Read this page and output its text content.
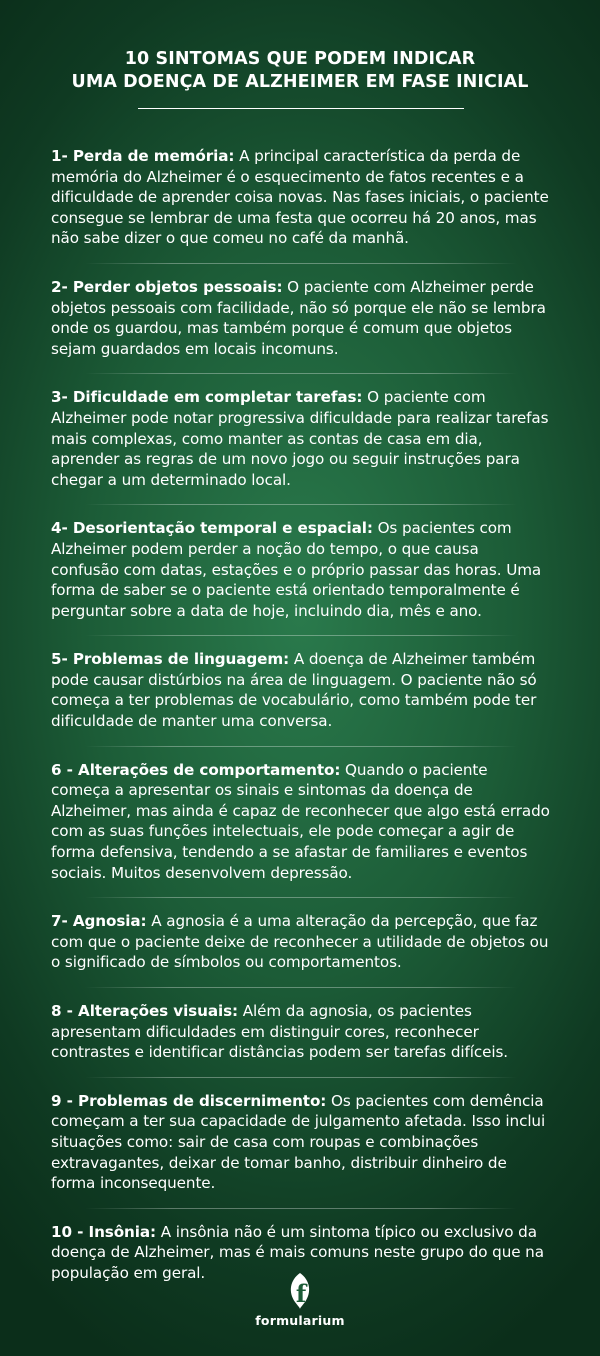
10 SINTOMAS QUE PODEM INDICAR
UMA DOENÇA DE ALZHEIMER EM FASE INICIAL
1- Perda de memória: A principal característica da perda de memória do Alzheimer é o esquecimento de fatos recentes e a dificuldade de aprender coisa novas. Nas fases iniciais, o paciente consegue se lembrar de uma festa que ocorreu há 20 anos, mas não sabe dizer o que comeu no café da manhã.
2- Perder objetos pessoais: O paciente com Alzheimer perde objetos pessoais com facilidade, não só porque ele não se lembra onde os guardou, mas também porque é comum que objetos sejam guardados em locais incomuns.
3- Dificuldade em completar tarefas: O paciente com Alzheimer pode notar progressiva dificuldade para realizar tarefas mais complexas, como manter as contas de casa em dia, aprender as regras de um novo jogo ou seguir instruções para chegar a um determinado local.
4- Desorientação temporal e espacial: Os pacientes com Alzheimer podem perder a noção do tempo, o que causa confusão com datas, estações e o próprio passar das horas. Uma forma de saber se o paciente está orientado temporalmente é perguntar sobre a data de hoje, incluindo dia, mês e ano.
5- Problemas de linguagem: A doença de Alzheimer também pode causar distúrbios na área de linguagem. O paciente não só começa a ter problemas de vocabulário, como também pode ter dificuldade de manter uma conversa.
6 - Alterações de comportamento: Quando o paciente começa a apresentar os sinais e sintomas da doença de Alzheimer, mas ainda é capaz de reconhecer que algo está errado com as suas funções intelectuais, ele pode começar a agir de forma defensiva, tendendo a se afastar de familiares e eventos sociais. Muitos desenvolvem depressão.
7- Agnosia: A agnosia é a uma alteração da percepção, que faz com que o paciente deixe de reconhecer a utilidade de objetos ou o significado de símbolos ou comportamentos.
8 - Alterações visuais: Além da agnosia, os pacientes apresentam dificuldades em distinguir cores, reconhecer contrastes e identificar distâncias podem ser tarefas difíceis.
9 - Problemas de discernimento: Os pacientes com demência começam a ter sua capacidade de julgamento afetada. Isso inclui situações como: sair de casa com roupas e combinações extravagantes, deixar de tomar banho, distribuir dinheiro de forma inconsequente.
10 - Insônia: A insônia não é um sintoma típico ou exclusivo da doença de Alzheimer, mas é mais comuns neste grupo do que na população em geral.
f
formularium
